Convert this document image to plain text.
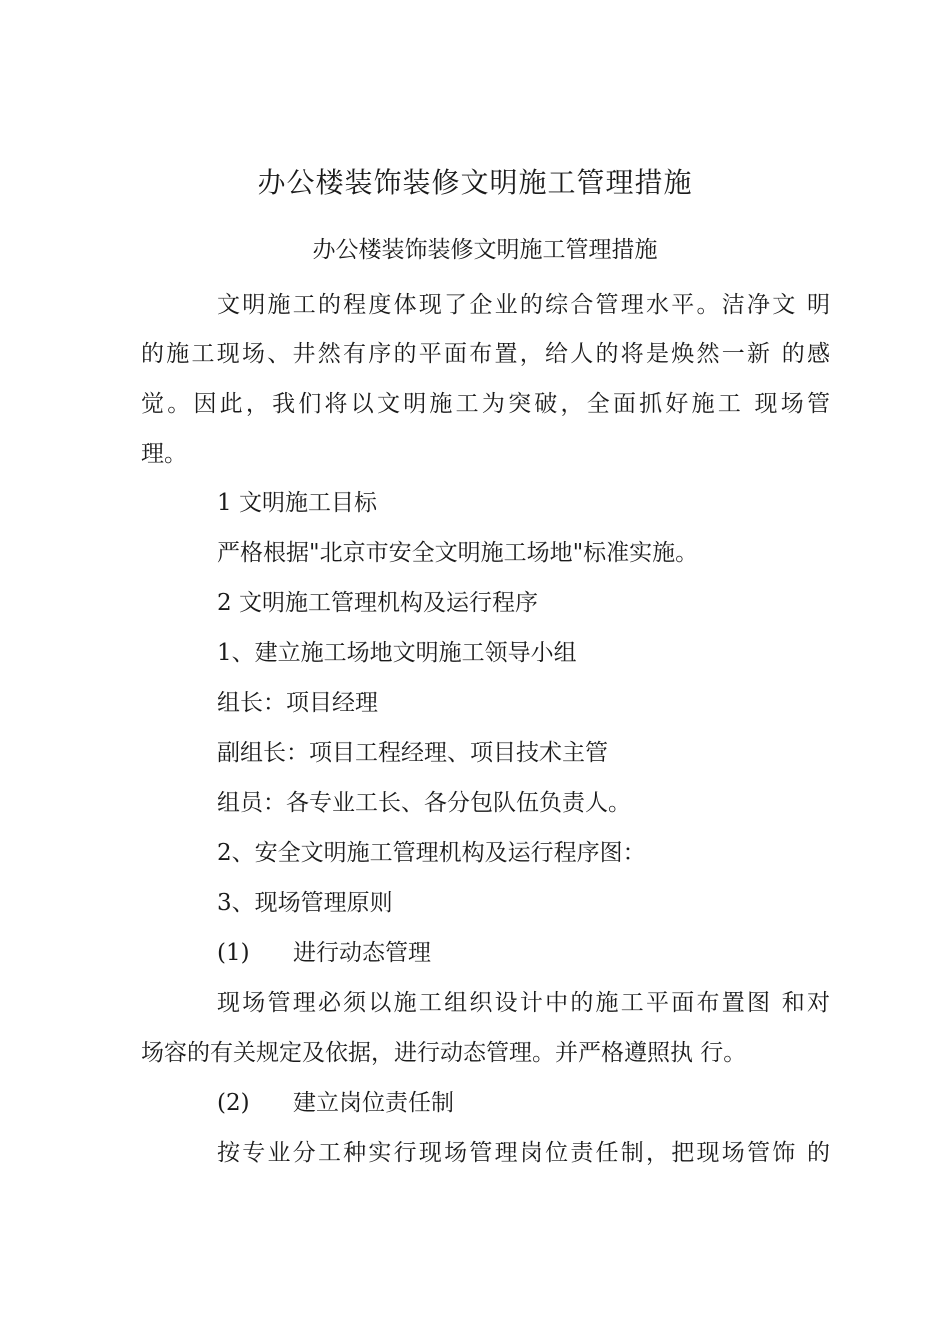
办公楼装饰装修文明施工管理措施
办公楼装饰装修文明施工管理措施
文明施工的程度体现了企业的综合管理水平。洁净文 明
的施工现场、井然有序的平面布置，给人的将是焕然一新 的感
觉。因此，我们将以文明施工为突破，全面抓好施工 现场管
理。
1 文明施工目标
严格根据"北京市安全文明施工场地"标准实施。
2 文明施工管理机构及运行程序
1、建立施工场地文明施工领导小组
组长：项目经理
副组长：项目工程经理、项目技术主管
组员：各专业工长、各分包队伍负责人。
2、安全文明施工管理机构及运行程序图：
3、现场管理原则
(1) 进行动态管理
现场管理必须以施工组织设计中的施工平面布置图 和对
场容的有关规定及依据，进行动态管理。并严格遵照执 行。
(2) 建立岗位责任制
按专业分工种实行现场管理岗位责任制，把现场管饰 的
